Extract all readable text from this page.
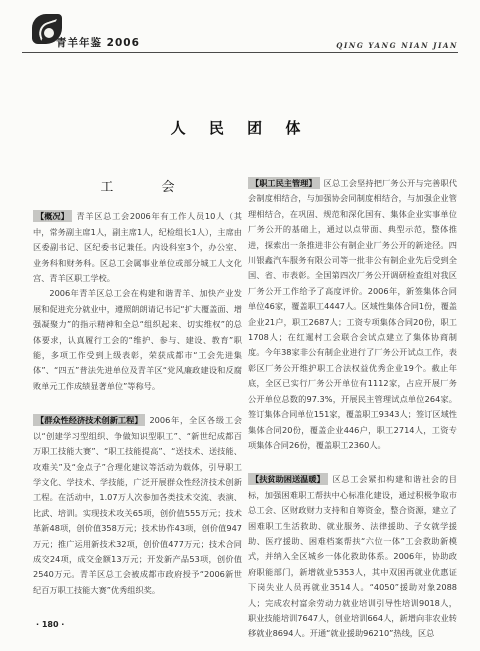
青羊年鉴 2006	QING YANG NIAN JIAN
人 民 团 体
工 会

【概况】 青羊区总工会2006年有工作人员10人（其中，常务副主席1人，副主席1人，纪检组长1人），主席由区委副书记、区纪委书记兼任。内设科室3个，办公室、业务科和财务科。区总工会属事业单位或部分城工人文化宫、青羊区职工学校。

2006年青羊区总工会在构建和谐青羊、加快产业发展和促进充分就业中，遵照朗朗请记书记“扩大覆盖面、增强凝聚力”的指示精神和全总“组织起来、切实维权”的总体要求，认真履行工会的“维护、参与、建设、教育”职能，多项工作受到上级表彰，荣获成都市“工会先进集体”、“四五”普法先进单位及青羊区“党风廉政建设和反腐败单元工作成绩显著单位”等称号。

【群众性经济技术创新工程】 2006年，全区各级工会以“创建学习型组织、争做知识型职工”、“新世纪成都百万职工技能大赛”、“职工技能提高”、“送技术、送技能、攻难关”及“金点子”合理化建议等活动为载体，引导职工学文化、学技术、学技能，广泛开展群众性经济技术创新工程。在活动中，1.07万人次参加各类技术交流、表演、比武、培训。实现技术攻关65项，创价值555万元；技术革新48项，创价值358万元；技术协作43项，创价值947万元；推广运用新技术32项，创价值477万元；技术合同成交24项，成交金额13万元；开发新产品53项，创价值2540万元。青羊区总工会被成都市政府授予“2006新世纪百万职工技能大赛”优秀组织奖。

【职工民主管理】 区总工会坚持把厂务公开与完善职代会制度相结合，与加强协会同制度相结合，与加强企业管理相结合，在巩固、规范和深化国有、集体企业实事单位厂务公开的基础上，通过以点带面、典型示范，整体推进，探索出一条推进非公有制企业厂务公开的新途径。四川银鑫汽车服务有限公司等一批非公有制企业先后受到全国、省、市表彰。全国第四次厂务公开调研检查组对我区厂务公开工作给予了高度评价。2006年，新签集体合同单位46家，覆盖职工4447人。区域性集体合同1份，覆盖企业21户，职工2687人；工资专项集体合同20份，职工1708人；在红暹村工会联合会试点建立了集体协商制度。今年38家非公有制企业进行了厂务公开试点工作，表彰区厂务公开维护职工合法权益优秀企业19个。截止年底，全区已实行厂务公开单位有1112家，占应开展厂务公开单位总数的97.3%，开展民主管理试点单位264家。签订集体合同单位151家，覆盖职工9343人；签订区域性集体合同20份，覆盖企业446户，职工2714人，工资专项集体合同26份，覆盖职工2360人。

【扶贫助困送温暖】 区总工会紧扣构建和谐社会的目标，加强困难职工帮扶中心标准化建设，通过积极争取市总工会、区财政财力支持和自筹资金，整合资源，建立了困难职工生活救助、就业服务、法律援助、子女就学援助、医疗援助、困难档案帮扶“六位一体”工会救助新模式，并纳入全区城乡一体化救助体系。2006年，协助政府职能部门，新增就业5353人，其中双困再就业优惠证下岗失业人员再就业3514人。“4050”援助对象2088人；完成农村富余劳动力就业培训引导性培训9018人，职业技能培训7647人，创业培训664人，新增向非农业转移就业8694人。开通“就业援助96210”热线，区总

· 180 ·
